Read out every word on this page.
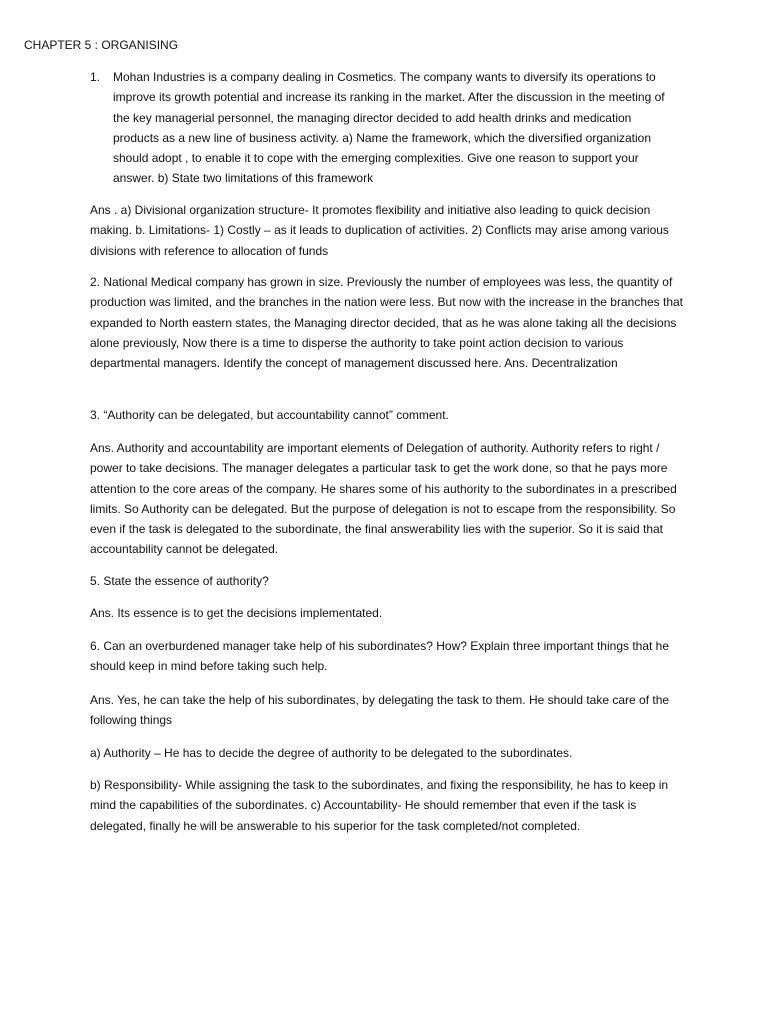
CHAPTER 5 : ORGANISING
1. Mohan Industries is a company dealing in Cosmetics. The company wants to diversify its operations to improve its growth potential and increase its ranking in the market. After the discussion in the meeting of the key managerial personnel, the managing director decided to add health drinks and medication products as a new line of business activity. a) Name the framework, which the diversified organization should adopt , to enable it to cope with the emerging complexities. Give one reason to support your answer. b) State two limitations of this framework

Ans . a) Divisional organization structure- It promotes flexibility and initiative also leading to quick decision making. b. Limitations- 1) Costly – as it leads to duplication of activities. 2) Conflicts may arise among various divisions with reference to allocation of funds

2. National Medical company has grown in size. Previously the number of employees was less, the quantity of production was limited, and the branches in the nation were less. But now with the increase in the branches that expanded to North eastern states, the Managing director decided, that as he was alone taking all the decisions alone previously, Now there is a time to disperse the authority to take point action decision to various departmental managers. Identify the concept of management discussed here. Ans. Decentralization

3. “Authority can be delegated, but accountability cannot” comment.

Ans. Authority and accountability are important elements of Delegation of authority. Authority refers to right / power to take decisions. The manager delegates a particular task to get the work done, so that he pays more attention to the core areas of the company. He shares some of his authority to the subordinates in a prescribed limits. So Authority can be delegated. But the purpose of delegation is not to escape from the responsibility. So even if the task is delegated to the subordinate, the final answerability lies with the superior. So it is said that accountability cannot be delegated.

5. State the essence of authority?

Ans. Its essence is to get the decisions implementated.

6. Can an overburdened manager take help of his subordinates? How? Explain three important things that he should keep in mind before taking such help.

Ans. Yes, he can take the help of his subordinates, by delegating the task to them. He should take care of the following things

a) Authority – He has to decide the degree of authority to be delegated to the subordinates.

b) Responsibility- While assigning the task to the subordinates, and fixing the responsibility, he has to keep in mind the capabilities of the subordinates. c) Accountability- He should remember that even if the task is delegated, finally he will be answerable to his superior for the task completed/not completed.
